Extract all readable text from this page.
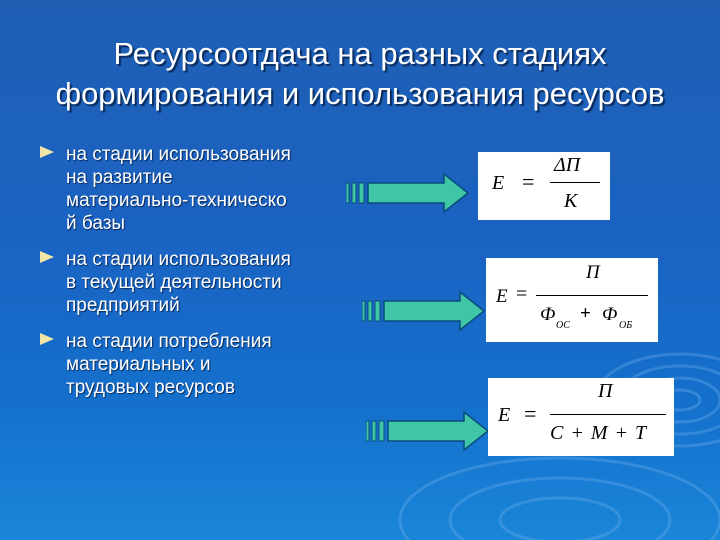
Ресурсоотдача на разных стадиях формирования и использования ресурсов
на стадии использования
на развитие
материально-техническо
й базы
на стадии использования
в текущей деятельности
предприятий
на стадии потребления
материальных и
трудовых ресурсов
E =
ΔП
К
E =
П
Ф
ОС
+ Ф
ОБ
E =
П
С + М + Т
